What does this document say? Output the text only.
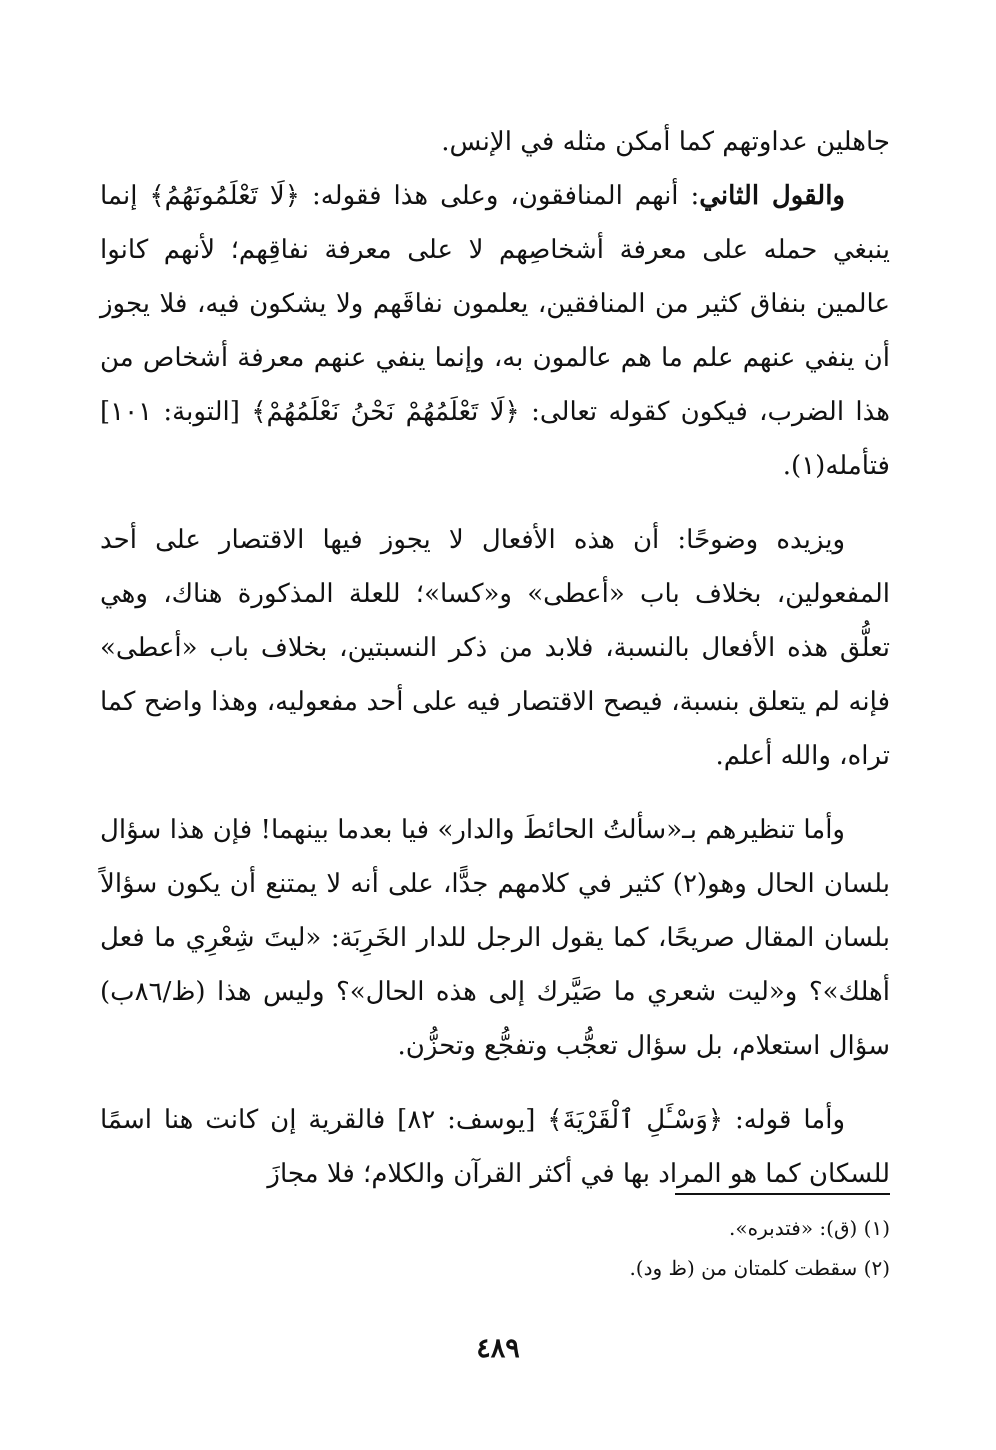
جاهلين عداوتهم كما أمكن مثله في الإنس.

والقول الثاني: أنهم المنافقون، وعلى هذا فقوله: ﴿لَا تَعْلَمُونَهُمُ﴾ إنما ينبغي حمله على معرفة أشخاصِهم لا على معرفة نفاقِهم؛ لأنهم كانوا عالمين بنفاق كثير من المنافقين، يعلمون نفاقَهم ولا يشكون فيه، فلا يجوز أن ينفي عنهم علم ما هم عالمون به، وإنما ينفي عنهم معرفة أشخاص من هذا الضرب، فيكون كقوله تعالى: ﴿لَا تَعْلَمُهُمْ نَحْنُ نَعْلَمُهُمْ﴾ [التوبة: ١٠١] فتأمله(١).

ويزيده وضوحًا: أن هذه الأفعال لا يجوز فيها الاقتصار على أحد المفعولين، بخلاف باب «أعطى» و«كسا»؛ للعلة المذكورة هناك، وهي تعلُّق هذه الأفعال بالنسبة، فلابد من ذكر النسبتين، بخلاف باب «أعطى» فإنه لم يتعلق بنسبة، فيصح الاقتصار فيه على أحد مفعوليه، وهذا واضح كما تراه، والله أعلم.

وأما تنظيرهم بـ«سألتُ الحائطَ والدار» فيا بعدما بينهما! فإن هذا سؤال بلسان الحال وهو(٢) كثير في كلامهم جدًّا، على أنه لا يمتنع أن يكون سؤالاً بلسان المقال صريحًا، كما يقول الرجل للدار الخَرِبَة: «ليتَ شِعْرِي ما فعل أهلك»؟ و«ليت شعري ما صَيَّرك إلى هذه الحال»؟ وليس هذا (ظ/٨٦ب) سؤال استعلام، بل سؤال تعجُّب وتفجُّع وتحزُّن.

وأما قوله: ﴿وَسْـَٔلِ ٱلْقَرْيَةَ﴾ [يوسف: ٨٢] فالقرية إن كانت هنا اسمًا للسكان كما هو المراد بها في أكثر القرآن والكلام؛ فلا مجازَ

(١) (ق): «فتدبره».
(٢) سقطت كلمتان من (ظ ود).
٤٨٩
